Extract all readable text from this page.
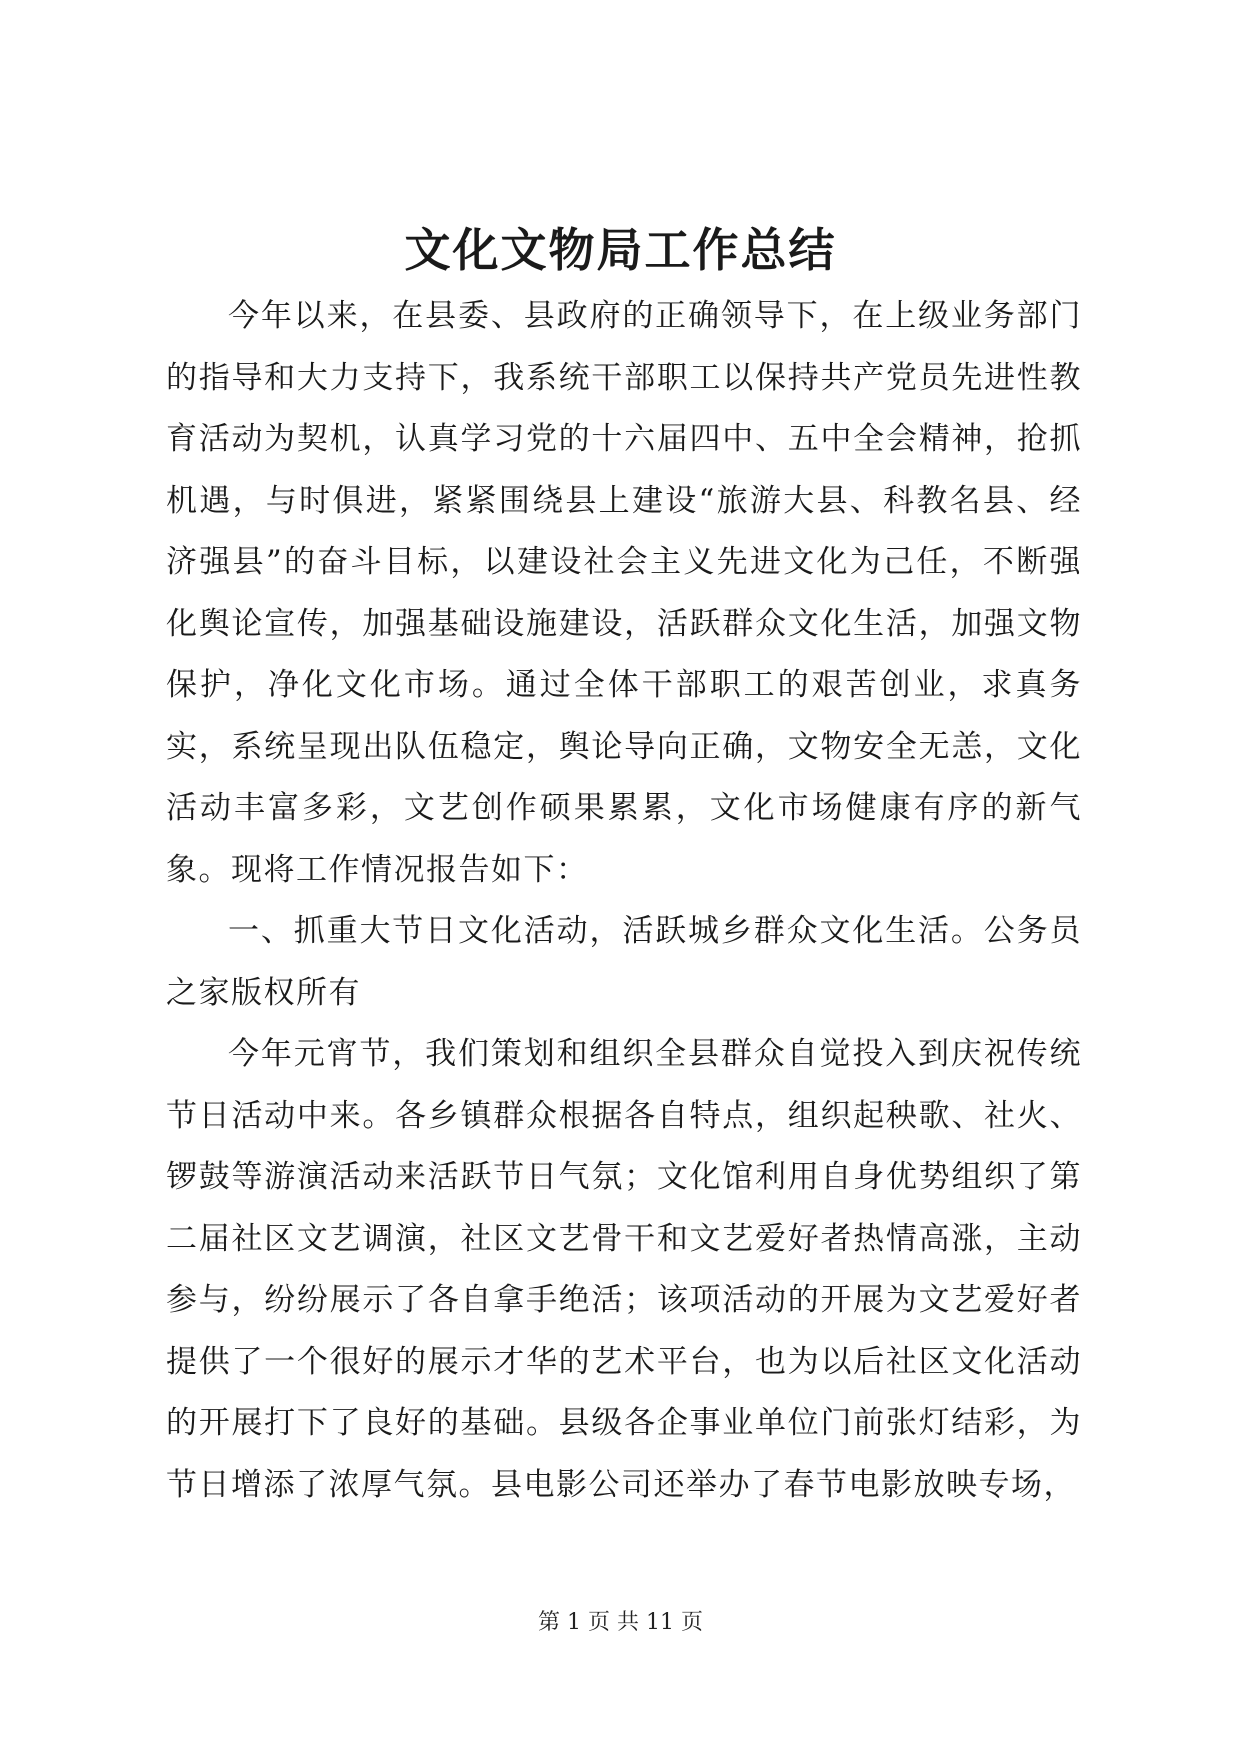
文化文物局工作总结

今年以来，在县委、县政府的正确领导下，在上级业务部门的指导和大力支持下，我系统干部职工以保持共产党员先进性教育活动为契机，认真学习党的十六届四中、五中全会精神，抢抓机遇，与时俱进，紧紧围绕县上建设“旅游大县、科教名县、经济强县”的奋斗目标，以建设社会主义先进文化为己任，不断强化舆论宣传，加强基础设施建设，活跃群众文化生活，加强文物保护，净化文化市场。通过全体干部职工的艰苦创业，求真务实，系统呈现出队伍稳定，舆论导向正确，文物安全无恙，文化活动丰富多彩，文艺创作硕果累累，文化市场健康有序的新气象。现将工作情况报告如下：

一、抓重大节日文化活动，活跃城乡群众文化生活。公务员之家版权所有

今年元宵节，我们策划和组织全县群众自觉投入到庆祝传统节日活动中来。各乡镇群众根据各自特点，组织起秧歌、社火、锣鼓等游演活动来活跃节日气氛；文化馆利用自身优势组织了第二届社区文艺调演，社区文艺骨干和文艺爱好者热情高涨，主动参与，纷纷展示了各自拿手绝活；该项活动的开展为文艺爱好者提供了一个很好的展示才华的艺术平台，也为以后社区文化活动的开展打下了良好的基础。县级各企事业单位门前张灯结彩，为节日增添了浓厚气氛。县电影公司还举办了春节电影放映专场，

第 1 页 共 11 页
